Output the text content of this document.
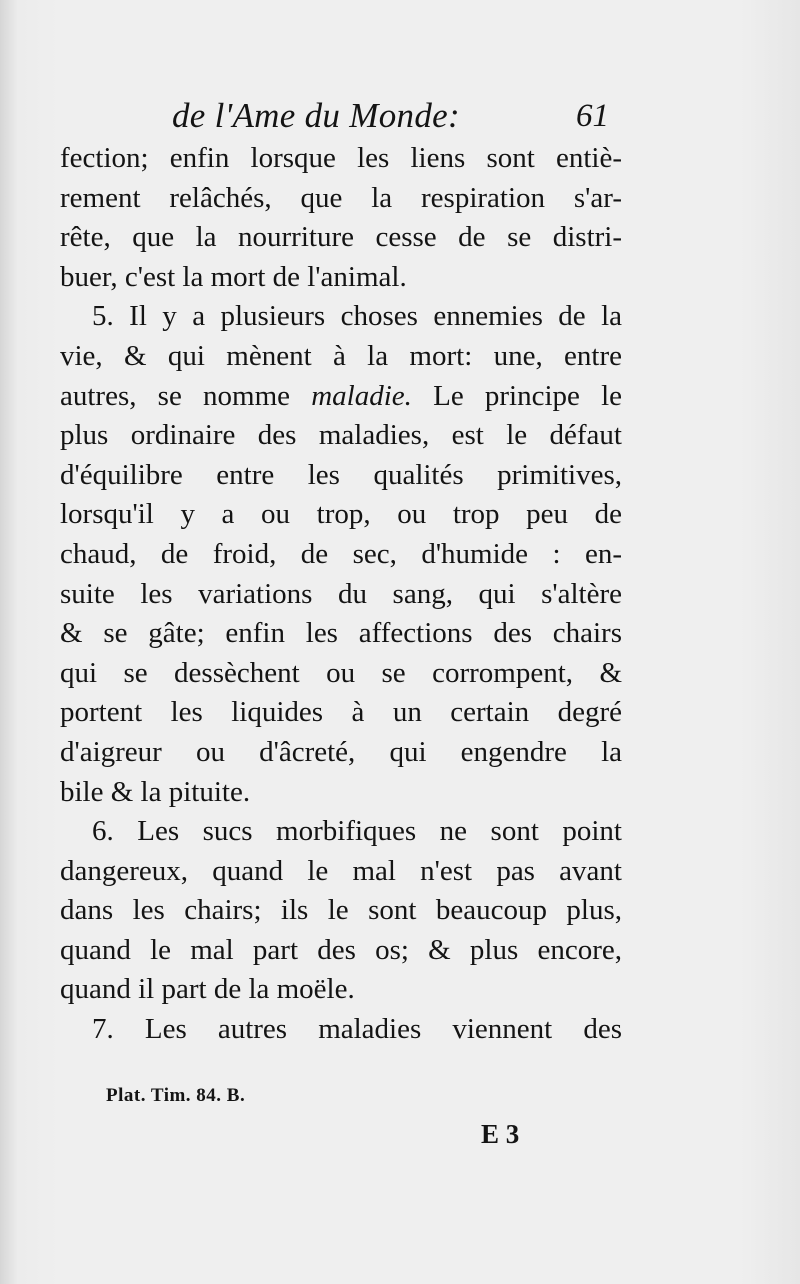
de l'Ame du Monde:	61
fection; enfin lorsque les liens sont entiè-
rement relâchés, que la respiration s'ar-
rête, que la nourriture cesse de se distri-
buer, c'est la mort de l'animal.
5. Il y a plusieurs choses ennemies de la
vie, & qui mènent à la mort: une, entre
autres, se nomme maladie. Le principe le
plus ordinaire des maladies, est le défaut
d'équilibre entre les qualités primitives,
lorsqu'il y a ou trop, ou trop peu de
chaud, de froid, de sec, d'humide : en-
suite les variations du sang, qui s'altère
& se gâte; enfin les affections des chairs
qui se dessèchent ou se corrompent, &
portent les liquides à un certain degré
d'aigreur ou d'âcreté, qui engendre la
bile & la pituite.
6. Les sucs morbifiques ne sont point
dangereux, quand le mal n'est pas avant
dans les chairs; ils le sont beaucoup plus,
quand le mal part des os; & plus encore,
quand il part de la moële.
7. Les autres maladies viennent des
Plat. Tim. 84. B.
E 3
